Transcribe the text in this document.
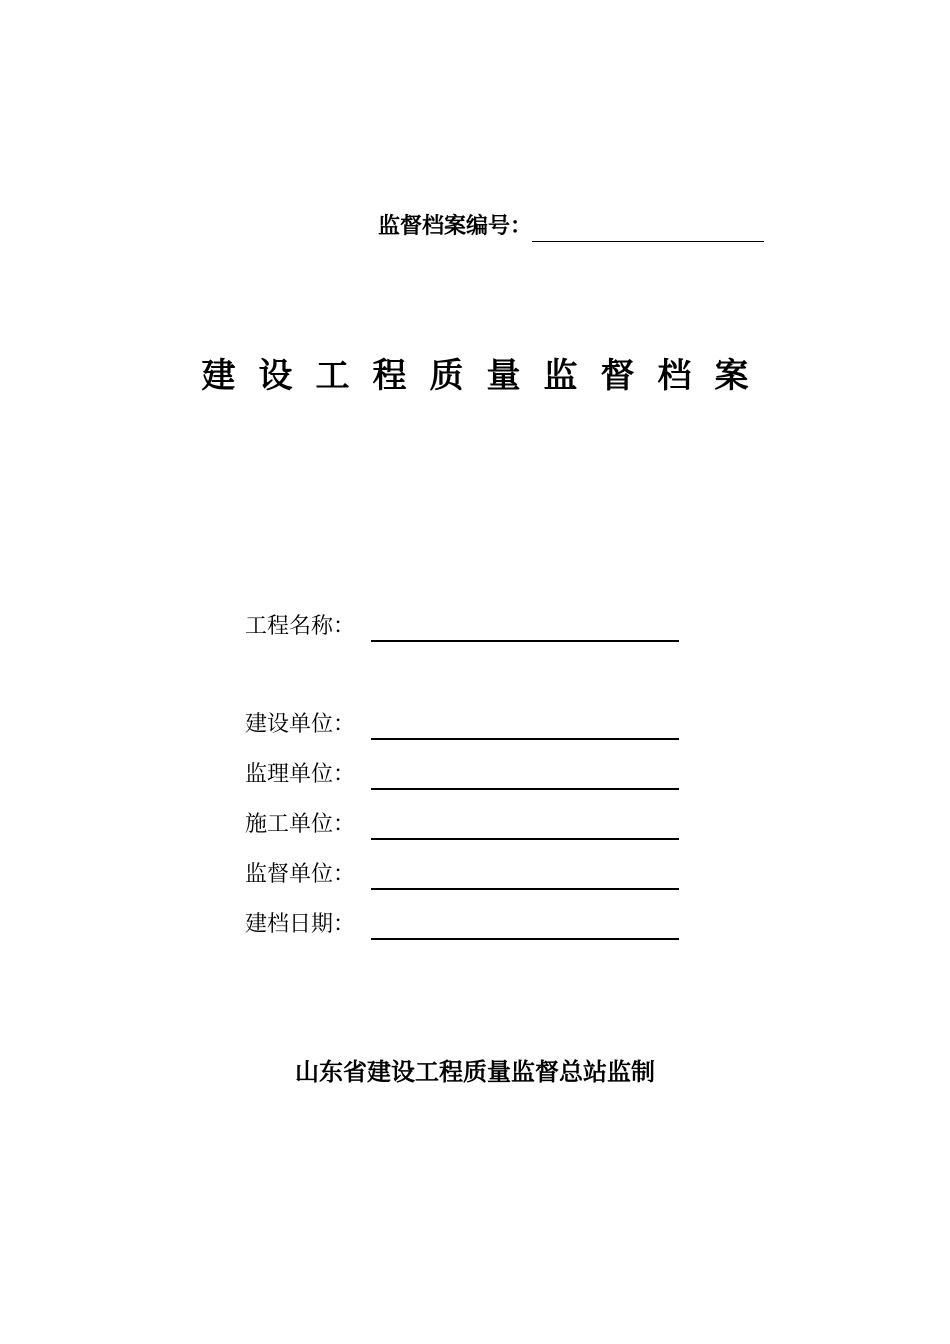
监督档案编号：
建设工程质量监督档案
工程名称：
建设单位：
监理单位：
施工单位：
监督单位：
建档日期：
山东省建设工程质量监督总站监制
